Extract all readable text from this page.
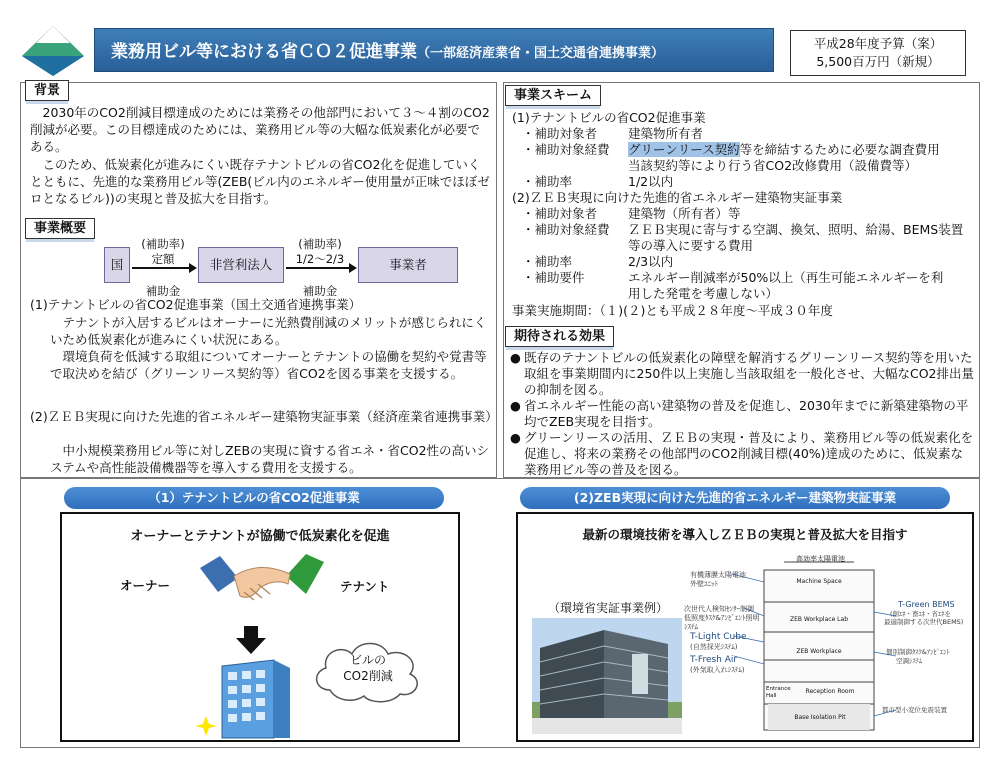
業務用ビル等における省ＣＯ２促進事業（一部経済産業省・国土交通省連携事業）
平成28年度予算（案）
5,500百万円（新規）
背景
　2030年のCO2削減目標達成のためには業務その他部門において３～４割のCO2削減が必要。この目標達成のためには、業務用ビル等の大幅な低炭素化が必要である。
　このため、低炭素化が進みにくい既存テナントビルの省CO2化を促進していくとともに、先進的な業務用ビル等(ZEB(ビル内のエネルギー使用量が正味でほぼゼロとなるビル))の実現と普及拡大を目指す。
事業概要
国
(補助率)
定額
補助金
非営利法人
(補助率)
1/2～2/3
補助金
事業者
(1)テナントビルの省CO2促進事業（国土交通省連携事業）
　テナントが入居するビルはオーナーに光熱費削減のメリットが感じられにくいため低炭素化が進みにくい状況にある。
　環境負荷を低減する取組についてオーナーとテナントの協働を契約や覚書等で取決めを結び（グリーンリース契約等）省CO2を図る事業を支援する。
(2)ＺＥＢ実現に向けた先進的省エネルギー建築物実証事業（経済産業省連携事業）
　中小規模業務用ビル等に対しZEBの実現に資する省エネ・省CO2性の高いシステムや高性能設備機器等を導入する費用を支援する。
事業スキーム
(1)テナントビルの省CO2促進事業
・補助対象者 建築物所有者
・補助対象経費 グリーンリース契約等を締結するために必要な調査費用
当該契約等により行う省CO2改修費用（設備費等）
・補助率	1/2以内
(2)ＺＥＢ実現に向けた先進的省エネルギー建築物実証事業
・補助対象者 建築物（所有者）等
・補助対象経費 ＺＥＢ実現に寄与する空調、換気、照明、給湯、BEMS装置
等の導入に要する費用
・補助率	2/3以内
・補助要件	エネルギー削減率が50%以上（再生可能エネルギーを利
用した発電を考慮しない）
事業実施期間：（１)(２)とも平成２８年度～平成３０年度
期待される効果
● 既存のテナントビルの低炭素化の障壁を解消するグリーンリース契約等を用いた取組を事業期間内に250件以上実施し当該取組を一般化させ、大幅なCO2排出量の抑制を図る。
● 省エネルギー性能の高い建築物の普及を促進し、2030年までに新築建築物の平均でZEB実現を目指す。
● グリーンリースの活用、ＺＥＢの実現・普及により、業務用ビル等の低炭素化を促進し、将来の業務その他部門のCO2削減目標(40%)達成のために、低炭素な業務用ビル等の普及を図る。
（1）テナントビルの省CO2促進事業
オーナーとテナントが協働で低炭素化を促進
オーナー	テナント
ビルの
CO2削減
(2)ZEB実現に向けた先進的省エネルギー建築物実証事業
最新の環境技術を導入しＺＥＢの実現と普及拡大を目指す
（環境省実証事業例）
高効率太陽電池
有機薄膜太陽電池
外壁ﾕﾆｯﾄ
次世代人検知ｾﾝｻｰ制御
低照度ﾀｽｸ&ｱﾝﾋﾞｴﾝﾄ照明
ｼｽﾃﾑ
T-Light Cube
(自然採光ｼｽﾃﾑ)
T-Fresh Air
(外気取入れｼｽﾃﾑ)
T-Green BEMS
(創ｴﾈ・畜ｴﾈ・省ｴﾈを
最適制御する次世代BEMS)
個別制御ﾀｽｸ&ｱﾝﾋﾞｴﾝﾄ
空調ｼｽﾃﾑ
都市型小変位免震装置
Machine Space
ZEB Workplace Lab
ZEB Workplace
Entrance Hall
Reception Room
Base Isolation Pit
